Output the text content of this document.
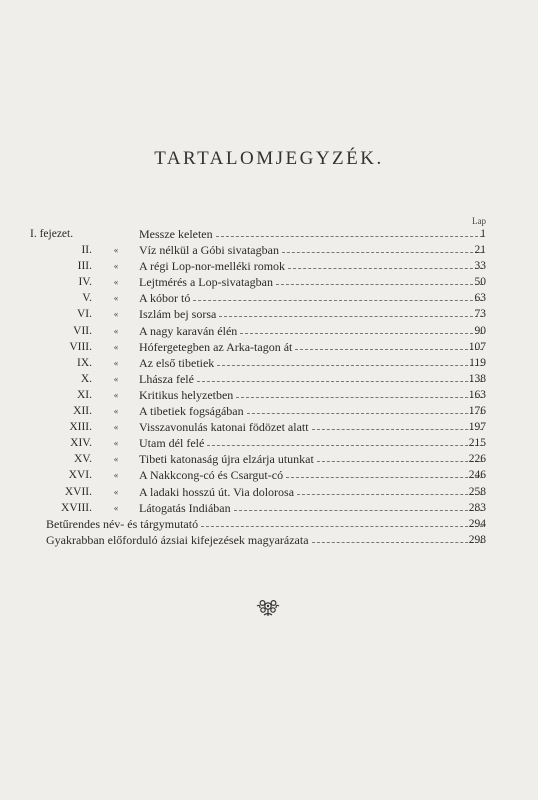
TARTALOMJEGYZÉK.
Lap
I. fejezet.	Messze keleten	1
II.	«	Víz nélkül a Góbi sivatagban	21
III.	«	A régi Lop-nor-melléki romok	33
IV.	«	Lejtmérés a Lop-sivatagban	50
V.	«	A kóbor tó	63
VI.	«	Iszlám bej sorsa	73
VII.	«	A nagy karaván élén	90
VIII.	«	Hófergetegben az Arka-tagon át	107
IX.	«	Az első tibetiek	119
X.	«	Lhásza felé	138
XI.	«	Kritikus helyzetben	163
XII.	«	A tibetiek fogságában	176
XIII.	«	Visszavonulás katonai födözet alatt	197
XIV.	«	Utam dél felé	215
XV.	«	Tibeti katonaság újra elzárja utunkat	226
XVI.	«	A Nakkcong-có és Csargut-có	246
XVII.	«	A ladaki hosszú út. Via dolorosa	258
XVIII.	«	Látogatás Indiában	283
Betűrendes név- és tárgymutató	294
Gyakrabban előforduló ázsiai kifejezések magyarázata	298
